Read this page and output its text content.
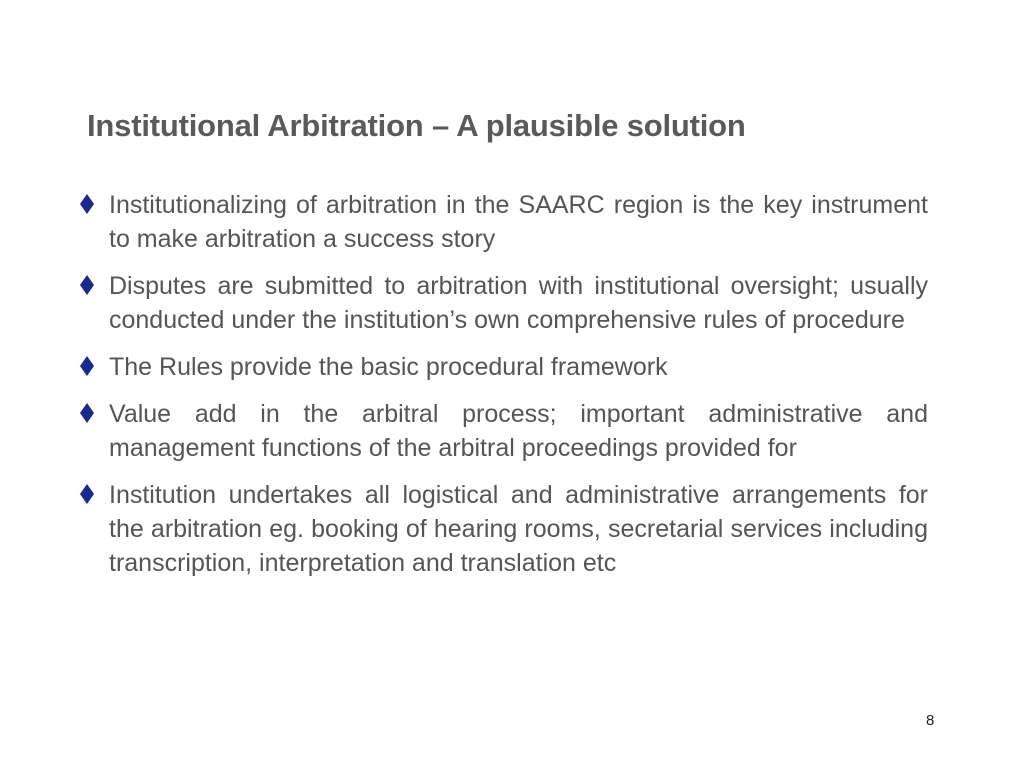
Institutional Arbitration – A plausible solution
Institutionalizing of arbitration in the SAARC region is the key instrument to make arbitration a success story
Disputes are submitted to arbitration with institutional oversight; usually conducted under the institution’s own comprehensive rules of procedure
The Rules provide the basic procedural framework
Value add in the arbitral process; important administrative and management functions of the arbitral proceedings provided for
Institution undertakes all logistical and administrative arrangements for the arbitration eg. booking of hearing rooms, secretarial services including transcription, interpretation and translation etc
8
